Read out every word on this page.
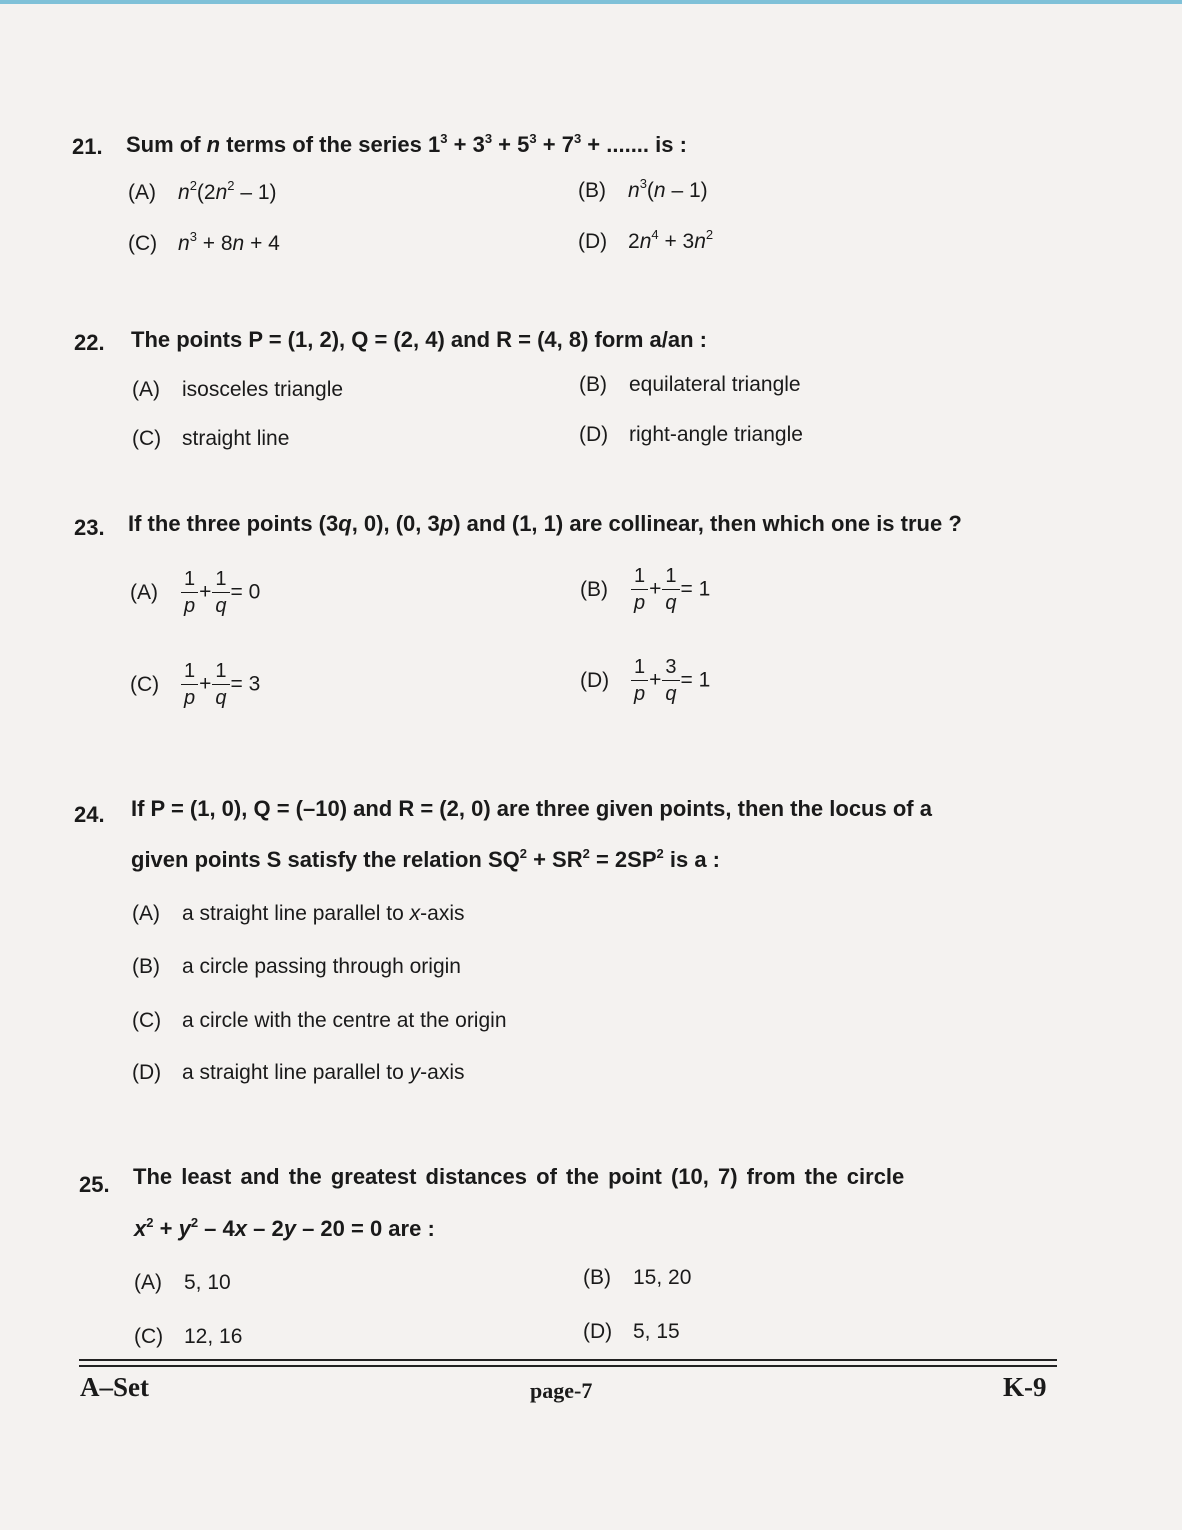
21. Sum of n terms of the series $1^3 + 3^3 + 5^3 + 7^3$ + ....... is :
(A) $n^2(2n^2 - 1)$	(B) $n^3(n - 1)$
(C) $n^3 + 8n + 4$	(D) $2n^4 + 3n^2$
22. The points P = (1, 2), Q = (2, 4) and R = (4, 8) form a/an :
(A) isosceles triangle	(B) equilateral triangle
(C) straight line	(D) right-angle triangle
23. If the three points (3q, 0), (0, 3p) and (1, 1) are collinear, then which one is true ?
$(A) \frac{1}{p} + \frac{1}{q} = 0$	$(B) \frac{1}{p} + \frac{1}{q} = 1$
$(C) \frac{1}{p} + \frac{1}{q} = 3$	$(D) \frac{1}{p} + \frac{3}{q} = 1$
24. If P = (1, 0), Q = (–10) and R = (2, 0) are three given points, then the locus of a
given points S satisfy the relation $SQ^2 + SR^2 = 2SP^2$ is a :
(A) a straight line parallel to x-axis
(B) a circle passing through origin
(C) a circle with the centre at the origin
(D) a straight line parallel to y-axis
25. The least and the greatest distances of the point (10, 7) from the circle
$x^2 + y^2 - 4x - 2y - 20 = 0$ are :
(A) 5, 10	(B) 15, 20
(C) 12, 16	(D) 5, 15
A–Set	page-7	K-9
